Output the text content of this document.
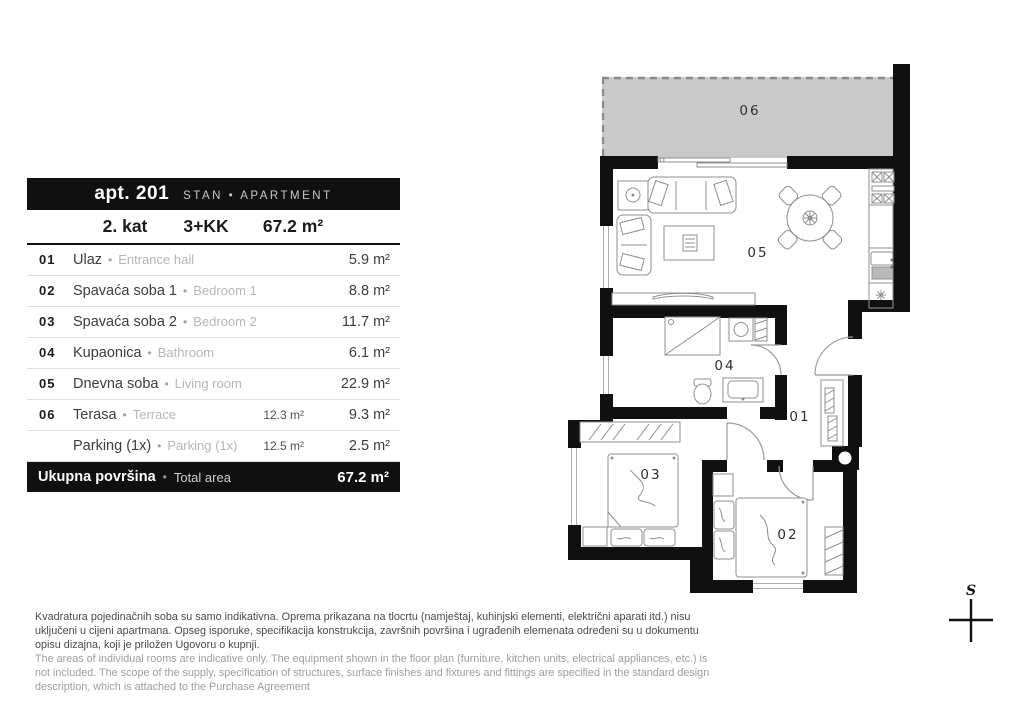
apt. 201 STAN • APARTMENT
2. kat 3+KK 67.2 m²
01 Ulaz • Entrance hall	5.9 m²
02 Spavaća soba 1 • Bedroom 1	8.8 m²
03 Spavaća soba 2 • Bedroom 2	11.7 m²
04 Kupaonica • Bathroom	6.1 m²
05 Dnevna soba • Living room	22.9 m²
06 Terasa • Terrace	12.3 m²	9.3 m²
Parking (1x) • Parking (1x) 12.5 m²	2.5 m²
Ukupna površina • Total area	67.2 m²
06
05
04
01
03
02
S

Kvadratura pojedinačnih soba su samo indikativna. Oprema prikazana na tlocrtu (namještaj, kuhinjski elementi, električni aparati itd.) nisu uključeni u cijeni apartmana. Opseg isporuke, specifikacija konstrukcija, završnih površina i ugrađenih elemenata određeni su u dokumentu opisu dizajna, koji je priložen Ugovoru o kupnji.

The areas of individual rooms are indicative only. The equipment shown in the floor plan (furniture, kitchen units, electrical appliances, etc.) is not included. The scope of the supply, specification of structures, surface finishes and fixtures and fittings are specified in the standard design description, which is attached to the Purchase Agreement
